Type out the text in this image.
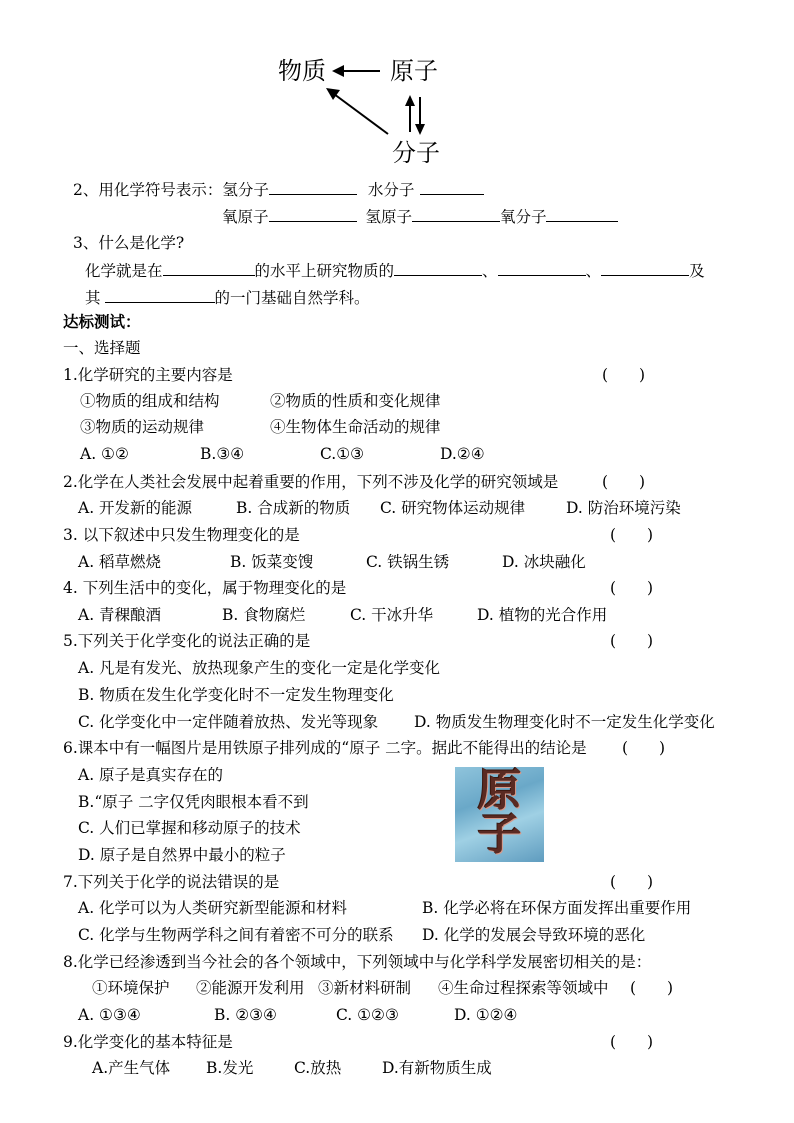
物质	原子
分子
2、用化学符号表示：氢分子	水分子
氧原子	氢原子	氧分子
3、什么是化学?
化学就是在	的水平上研究物质的	、	、	及
其	的一门基础自然学科。
达标测试：
一、选择题
1.化学研究的主要内容是	(　　)
①物质的组成和结构	②物质的性质和变化规律
③物质的运动规律	④生物体生命活动的规律
A. ①②	B.③④	C.①③	D.②④
2.化学在人类社会发展中起着重要的作用，下列不涉及化学的研究领域是	(　　)
A. 开发新的能源	B. 合成新的物质 C. 研究物体运动规律	D. 防治环境污染
3. 以下叙述中只发生物理变化的是	(　　)
A. 稻草燃烧	B. 饭菜变馊	C. 铁锅生锈	D. 冰块融化
4. 下列生活中的变化，属于物理变化的是	(　　)
A. 青稞酿酒	B. 食物腐烂	C. 干冰升华	D. 植物的光合作用
5.下列关于化学变化的说法正确的是	(　　)
A. 凡是有发光、放热现象产生的变化一定是化学变化
B. 物质在发生化学变化时不一定发生物理变化
C. 化学变化中一定伴随着放热、发光等现象 D. 物质发生物理变化时不一定发生化学变化
6.课本中有一幅图片是用铁原子排列成的“原子 二字。据此不能得出的结论是 (　　)
A. 原子是真实存在的
B.“原子 二字仅凭肉眼根本看不到
C. 人们已掌握和移动原子的技术
D. 原子是自然界中最小的粒子
原
子
7.下列关于化学的说法错误的是	(　　)
A. 化学可以为人类研究新型能源和材料	B. 化学必将在环保方面发挥出重要作用
C. 化学与生物两学科之间有着密不可分的联系 D. 化学的发展会导致环境的恶化
8.化学已经渗透到当今社会的各个领域中，下列领域中与化学科学发展密切相关的是：
①环境保护 ②能源开发利用 ③新材料研制 ④生命过程探索等领域中 (　　)
A. ①③④	B. ②③④	C. ①②③	D. ①②④
9.化学变化的基本特征是	(　　)
A.产生气体 B.发光	C.放热	D.有新物质生成
